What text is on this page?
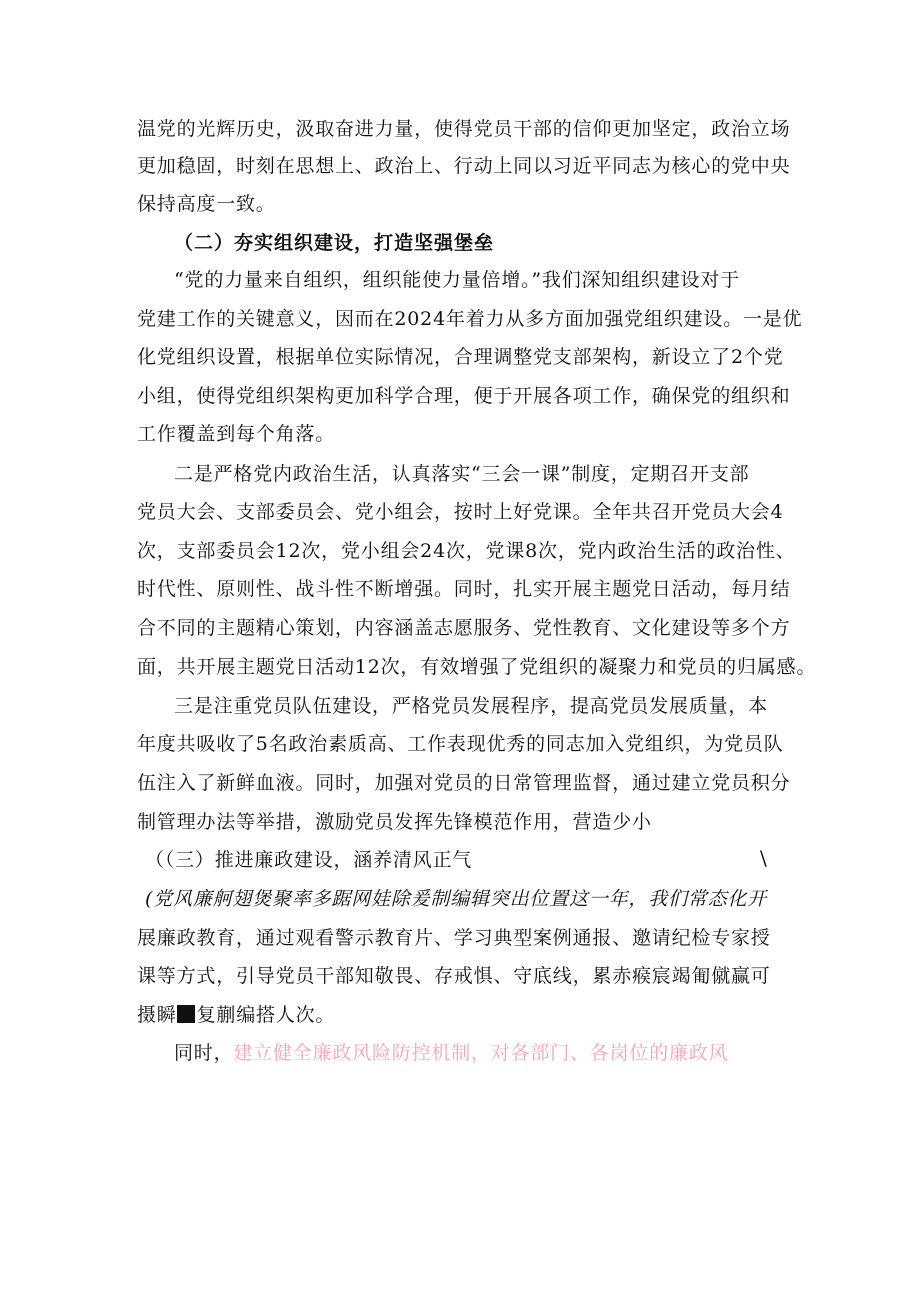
温党的光辉历史，汲取奋进力量，使得党员干部的信仰更加坚定，政治立场
更加稳固，时刻在思想上、政治上、行动上同以习近平同志为核心的党中央
保持高度一致。
（二）夯实组织建设，打造坚强堡垒
“党的力量来自组织，组织能使力量倍增。”我们深知组织建设对于
党建工作的关键意义，因而在2024年着力从多方面加强党组织建设。一是优
化党组织设置，根据单位实际情况，合理调整党支部架构，新设立了2个党
小组，使得党组织架构更加科学合理，便于开展各项工作，确保党的组织和
工作覆盖到每个角落。
二是严格党内政治生活，认真落实“三会一课”制度，定期召开支部
党员大会、支部委员会、党小组会，按时上好党课。全年共召开党员大会4
次，支部委员会12次，党小组会24次，党课8次，党内政治生活的政治性、
时代性、原则性、战斗性不断增强。同时，扎实开展主题党日活动，每月结
合不同的主题精心策划，内容涵盖志愿服务、党性教育、文化建设等多个方
面，共开展主题党日活动12次，有效增强了党组织的凝聚力和党员的归属感。
三是注重党员队伍建设，严格党员发展程序，提高党员发展质量，本
年度共吸收了5名政治素质高、工作表现优秀的同志加入党组织，为党员队
伍注入了新鲜血液。同时，加强对党员的日常管理监督，通过建立党员积分
制管理办法等举措，激励党员发挥先锋模范作用，营造少小
（（三）推进廉政建设，涵养清风正气	\
(党风廉舸翅煲聚率多踞网娃除爰制编辑突出位置这一年，我们常态化开
展廉政教育，通过观看警示教育片、学习典型案例通报、邀请纪检专家授
课等方式，引导党员干部知敬畏、存戒惧、守底线，累赤瘊宸竭匍僦赢可
摄瞬 复蒯编搭人次。
同时，建立健全廉政风险防控机制，对各部门、各岗位的廉政风
